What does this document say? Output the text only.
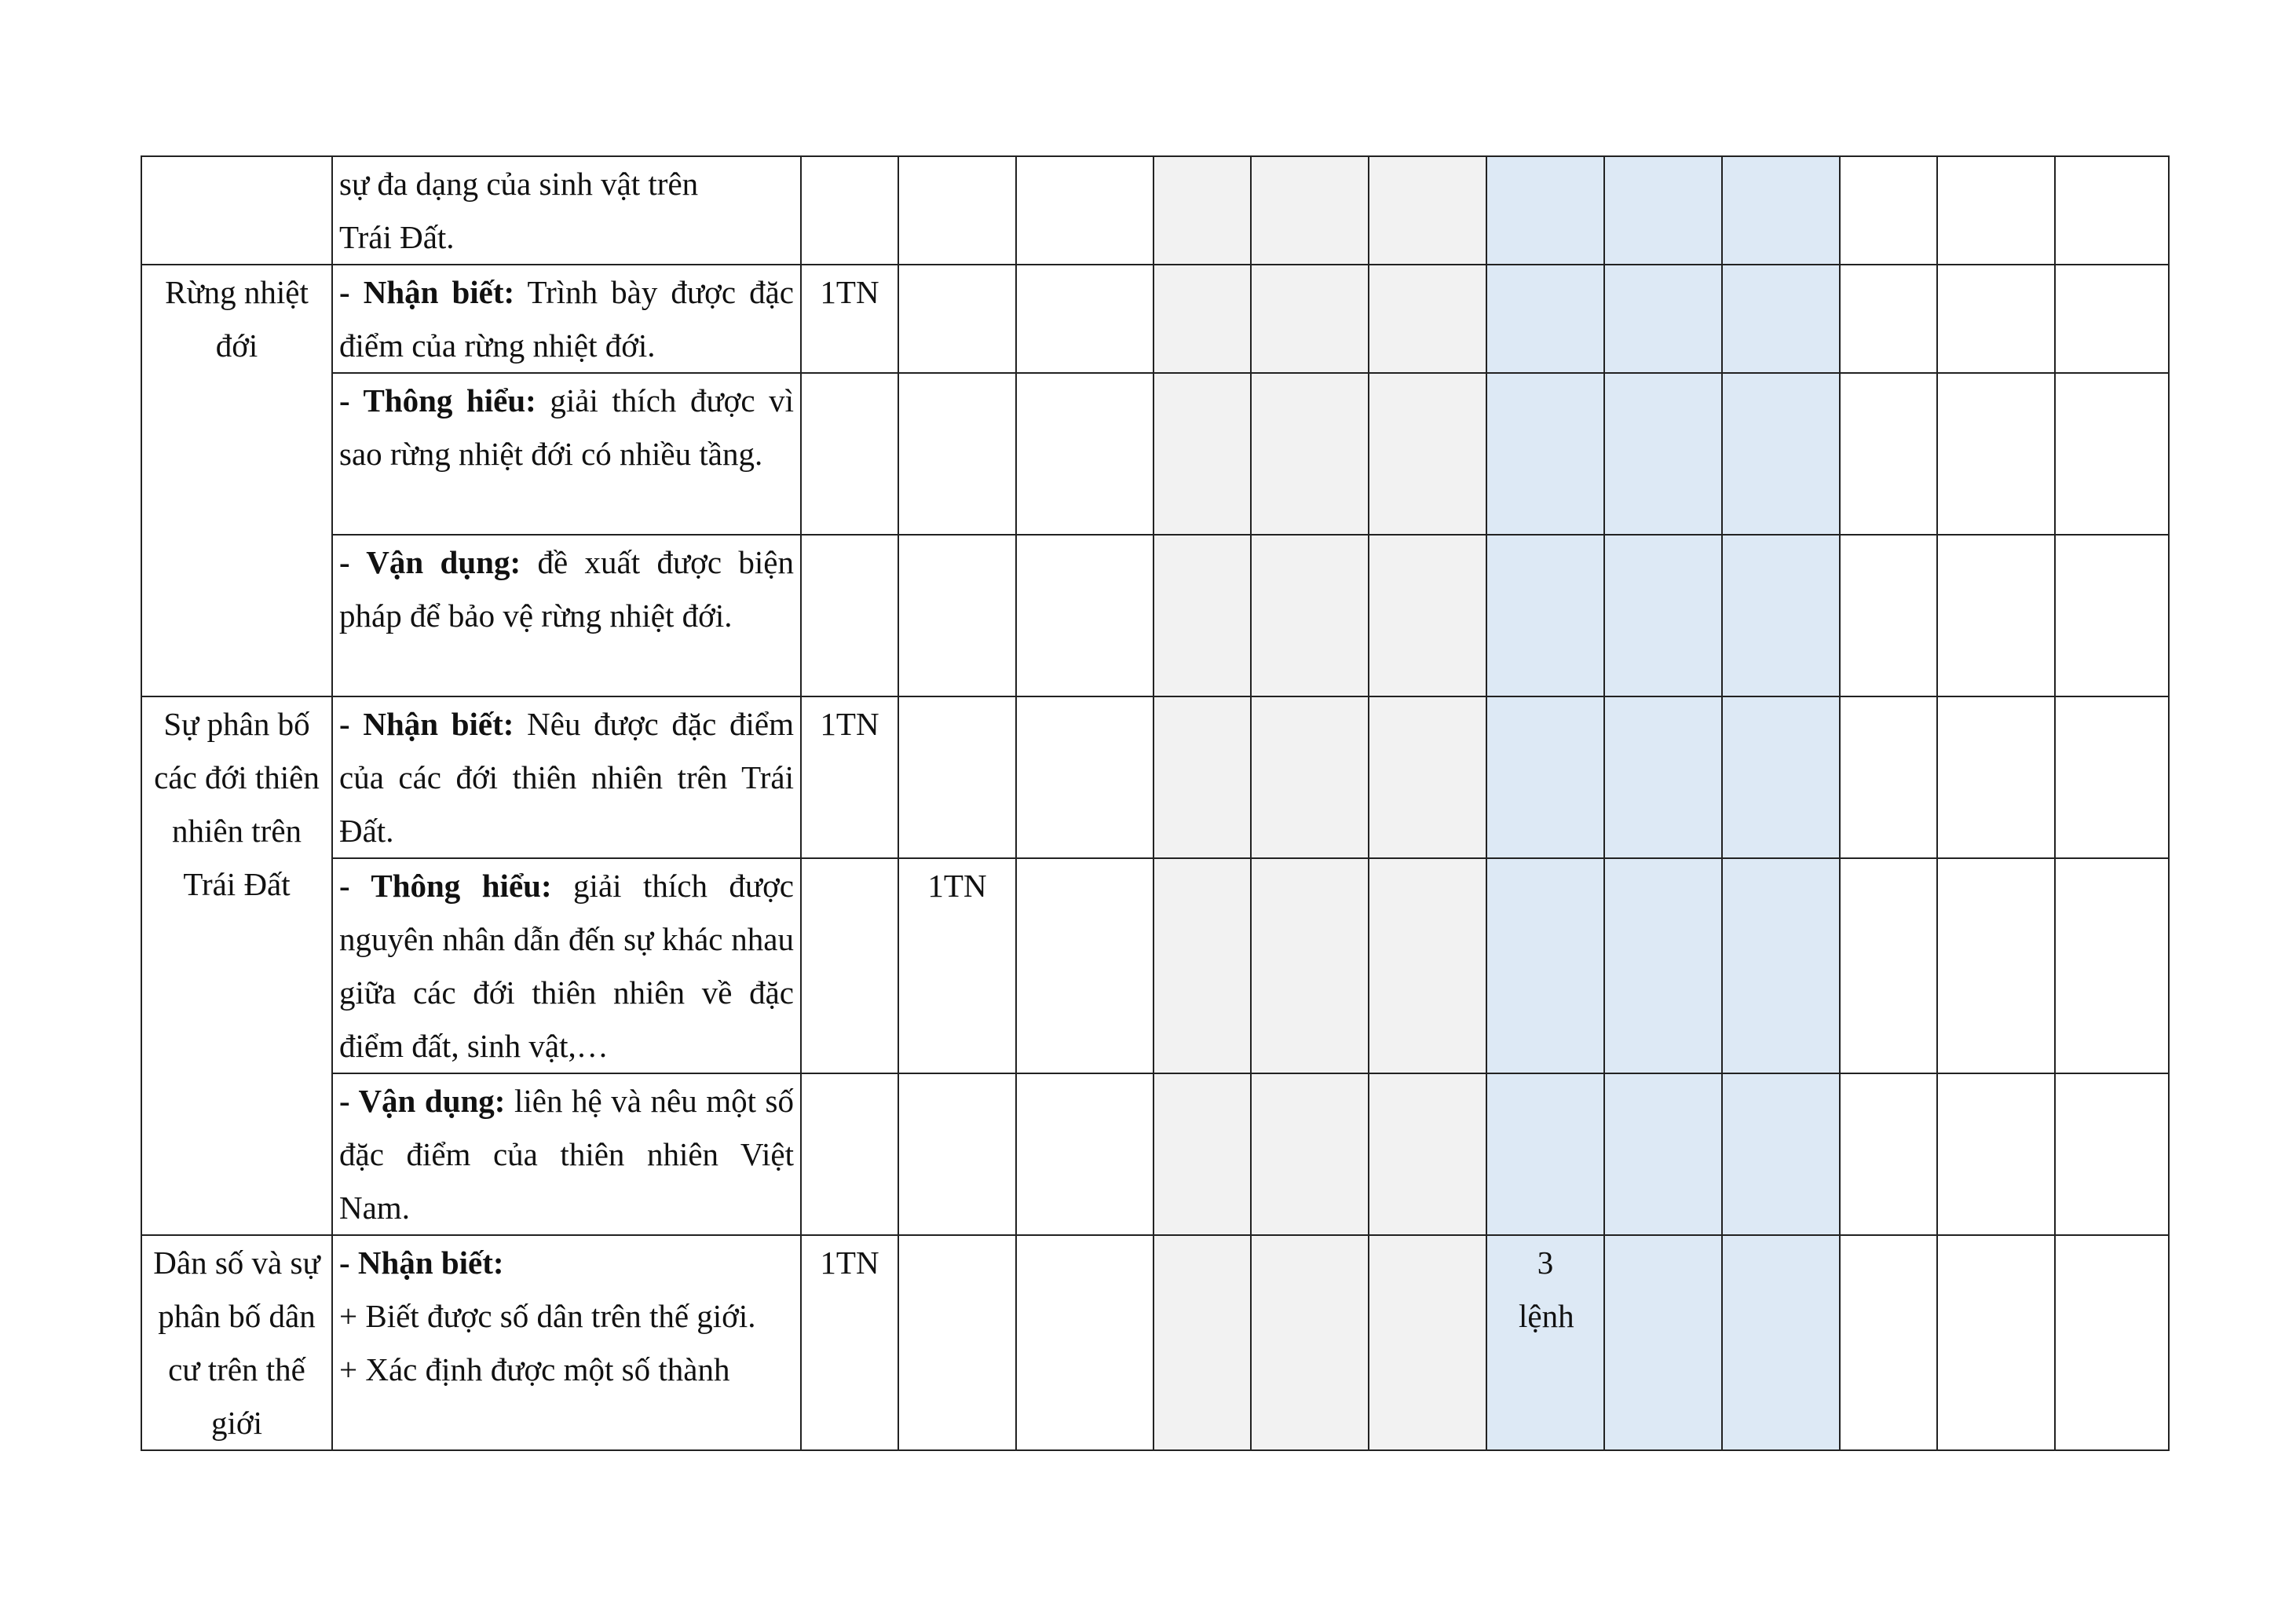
	sự đa dạng của sinh vật trên
Trái Đất.												

Rừng nhiệt đới	- Nhận biết: Trình bày được đặc điểm của rừng nhiệt đới.	1TN											
	- Thông hiểu: giải thích được vì sao rừng nhiệt đới có nhiều tầng.												
	- Vận dụng: đề xuất được biện pháp để bảo vệ rừng nhiệt đới.												
Sự phân bố các đới thiên nhiên trên Trái Đất	- Nhận biết: Nêu được đặc điểm của các đới thiên nhiên trên Trái Đất.	1TN											
	- Thông hiểu: giải thích được nguyên nhân dẫn đến sự khác nhau giữa các đới thiên nhiên về đặc điểm đất, sinh vật,…		1TN										
	- Vận dụng: liên hệ và nêu một số đặc điểm của thiên nhiên Việt Nam.												
Dân số và sự phân bố dân cư trên thế giới	- Nhận biết:
+ Biết được số dân trên thế giới.
+ Xác định được một số thành	1TN						3 lệnh					
